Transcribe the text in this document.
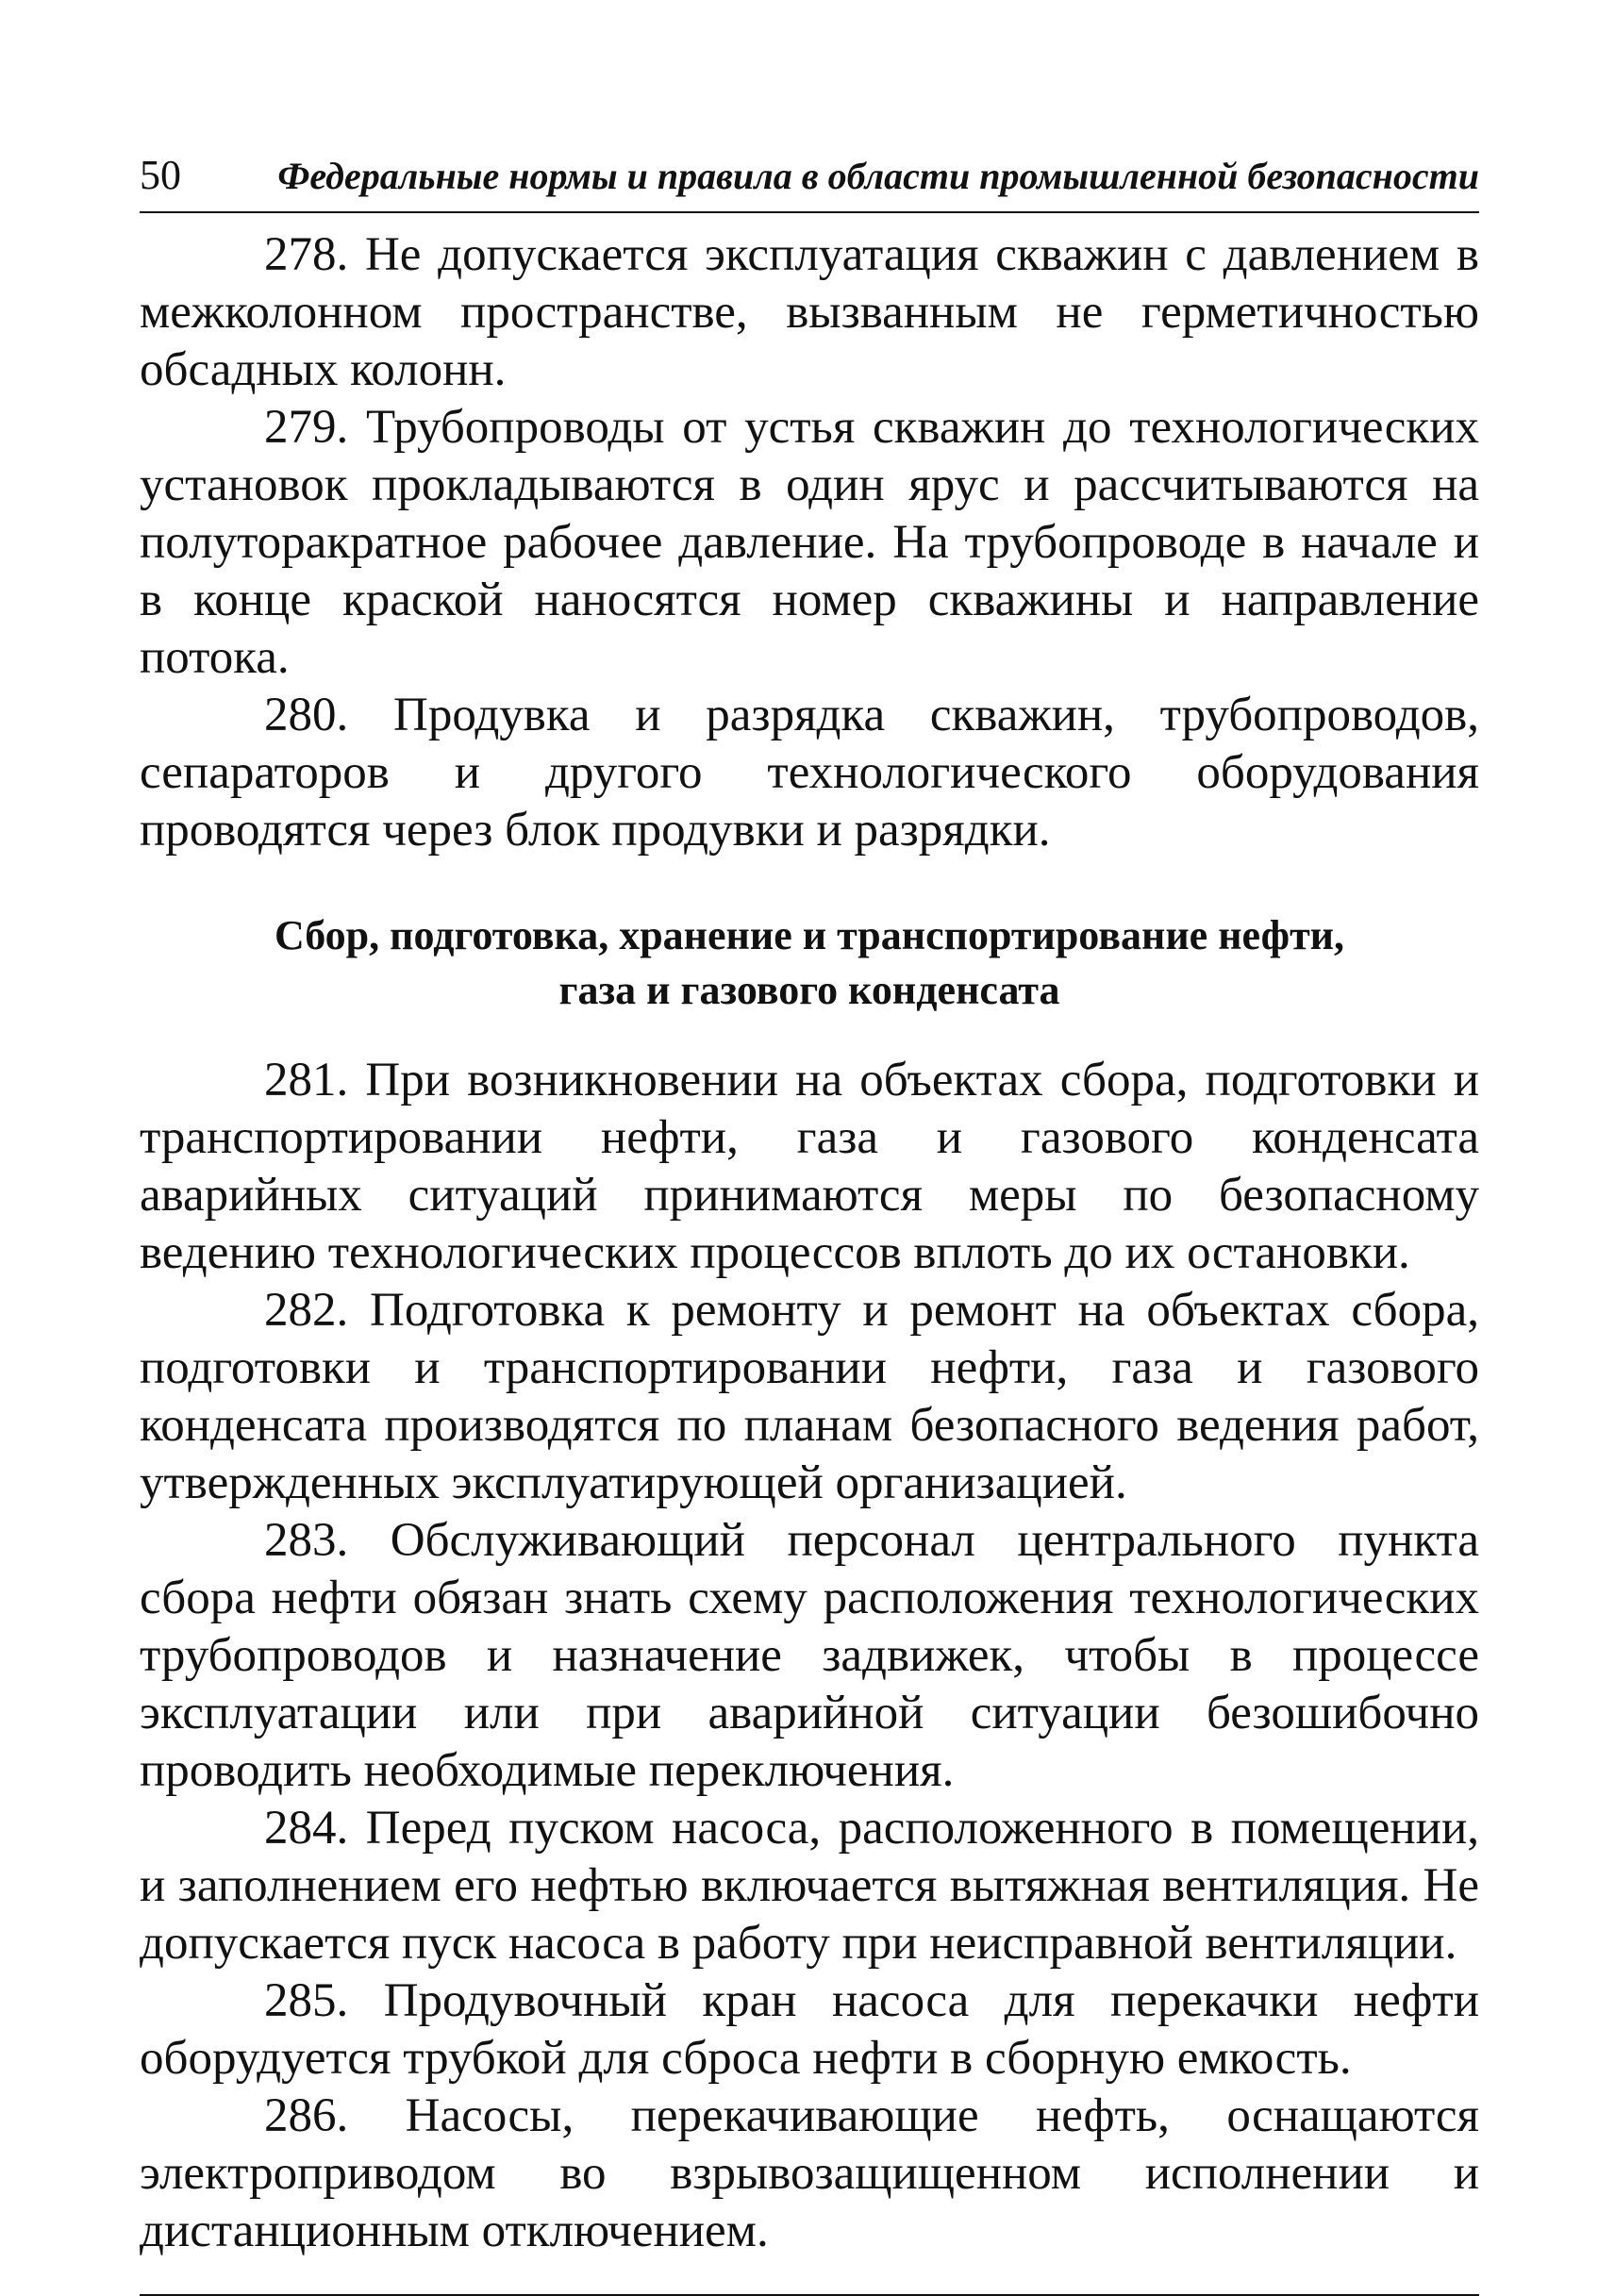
50	Федеральные нормы и правила в области промышленной безопасности

278. Не допускается эксплуатация скважин с давлением в межколонном пространстве, вызванным не герметичностью обсадных колонн.

279. Трубопроводы от устья скважин до технологических установок прокладываются в один ярус и рассчитываются на полуторакратное рабочее давление. На трубопроводе в начале и в конце краской наносятся номер скважины и направление потока.

280. Продувка и разрядка скважин, трубопроводов, сепараторов и другого технологического оборудования проводятся через блок продувки и разрядки.

Сбор, подготовка, хранение и транспортирование нефти,
газа и газового конденсата

281. При возникновении на объектах сбора, подготовки и транспортировании нефти, газа и газового конденсата аварийных ситуаций принимаются меры по безопасному ведению технологических процессов вплоть до их остановки.

282. Подготовка к ремонту и ремонт на объектах сбора, подготовки и транспортировании нефти, газа и газового конденсата производятся по планам безопасного ведения работ, утвержденных эксплуатирующей организацией.

283. Обслуживающий персонал центрального пункта сбора нефти обязан знать схему расположения технологических трубопроводов и назначение задвижек, чтобы в процессе эксплуатации или при аварийной ситуации безошибочно проводить необходимые переключения.

284. Перед пуском насоса, расположенного в помещении, и заполнением его нефтью включается вытяжная вентиляция. Не допускается пуск насоса в работу при неисправной вентиляции.

285. Продувочный кран насоса для перекачки нефти оборудуется трубкой для сброса нефти в сборную емкость.

286. Насосы, перекачивающие нефть, оснащаются электроприводом во взрывозащищенном исполнении и дистанционным отключением.
